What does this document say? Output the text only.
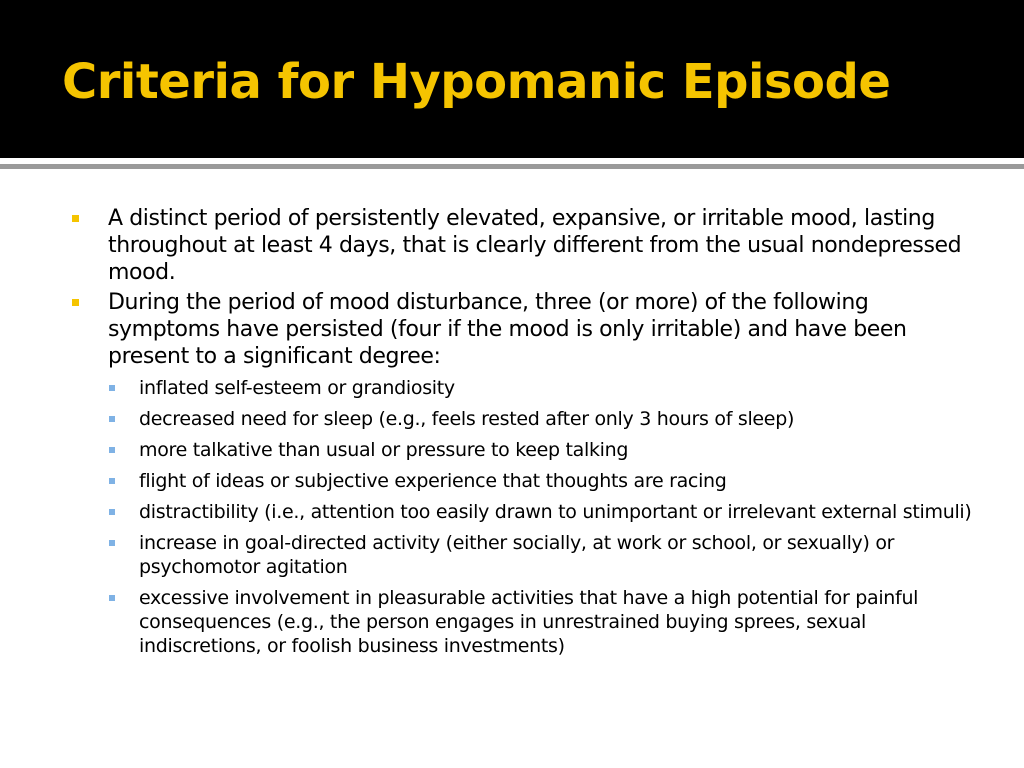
Criteria for Hypomanic Episode
A distinct period of persistently elevated, expansive, or irritable mood, lasting throughout at least 4 days, that is clearly different from the usual nondepressed mood.
During the period of mood disturbance, three (or more) of the following symptoms have persisted (four if the mood is only irritable) and have been present to a significant degree:
inflated self-esteem or grandiosity
decreased need for sleep (e.g., feels rested after only 3 hours of sleep)
more talkative than usual or pressure to keep talking
flight of ideas or subjective experience that thoughts are racing
distractibility (i.e., attention too easily drawn to unimportant or irrelevant external stimuli)
increase in goal-directed activity (either socially, at work or school, or sexually) or psychomotor agitation
excessive involvement in pleasurable activities that have a high potential for painful consequences (e.g., the person engages in unrestrained buying sprees, sexual indiscretions, or foolish business investments)
